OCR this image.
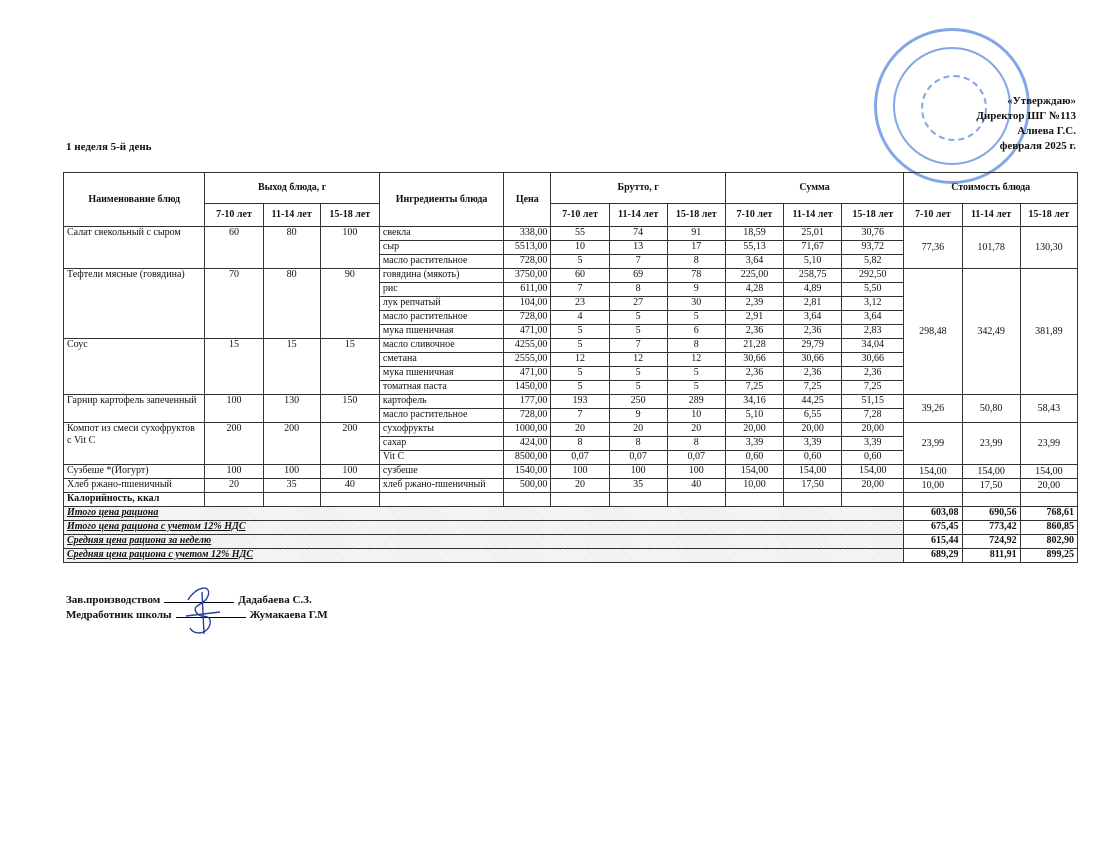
«Утверждаю»
Директор ШГ №113
Алиева Г.С.
февраля 2025 г.
1 неделя 5-й день
Наименование блюд	Выход блюда, г			Ингредиенты блюда	Цена	Брутто, г			Сумма			Стоимость блюда		
	7-10 лет	11-14 лет	15-18 лет			7-10 лет	11-14 лет	15-18 лет	7-10 лет	11-14 лет	15-18 лет	7-10 лет	11-14 лет	15-18 лет
Салат свекольный с сыром	60	80	100	свекла	338,00	55	74	91	18,59	25,01	30,76	77,36	101,78	130,30
				сыр	5513,00	10	13	17	55,13	71,67	93,72			
				масло растительное	728,00	5	7	8	3,64	5,10	5,82			
Тефтели мясные (говядина)	70	80	90	говядина (мякоть)	3750,00	60	69	78	225,00	258,75	292,50	298,48	342,49	381,89
				рис	611,00	7	8	9	4,28	4,89	5,50			
				лук репчатый	104,00	23	27	30	2,39	2,81	3,12			
				масло растительное	728,00	4	5	5	2,91	3,64	3,64			
				мука пшеничная	471,00	5	5	6	2,36	2,36	2,83			
Соус	15	15	15	масло сливочное	4255,00	5	7	8	21,28	29,79	34,04			
				сметана	2555,00	12	12	12	30,66	30,66	30,66			
				мука пшеничная	471,00	5	5	5	2,36	2,36	2,36			
				томатная паста	1450,00	5	5	5	7,25	7,25	7,25			
Гарнир картофель запеченный	100	130	150	картофель	177,00	193	250	289	34,16	44,25	51,15	39,26	50,80	58,43
				масло растительное	728,00	7	9	10	5,10	6,55	7,28			
Компот из смеси сухофруктов с Vit C	200	200	200	сухофрукты	1000,00	20	20	20	20,00	20,00	20,00	23,99	23,99	23,99
				сахар	424,00	8	8	8	3,39	3,39	3,39			
				Vit C	8500,00	0,07	0,07	0,07	0,60	0,60	0,60			
Сузбеше *(Йогурт)	100	100	100	сузбеше	1540,00	100	100	100	154,00	154,00	154,00	154,00	154,00	154,00
Хлеб ржано-пшеничный	20	35	40	хлеб ржано-пшеничный	500,00	20	35	40	10,00	17,50	20,00	10,00	17,50	20,00
Калорийность, ккал														
Итого цена рациона												603,08	690,56	768,61
Итого цена рациона с учетом 12% НДС												675,45	773,42	860,85
Средняя цена рациона за неделю												615,44	724,92	802,90
Средняя цена рациона с учетом 12% НДС												689,29	811,91	899,25
Зав.производством	Дадабаева С.З.
Медработник школы	Жумакаева Г.М
